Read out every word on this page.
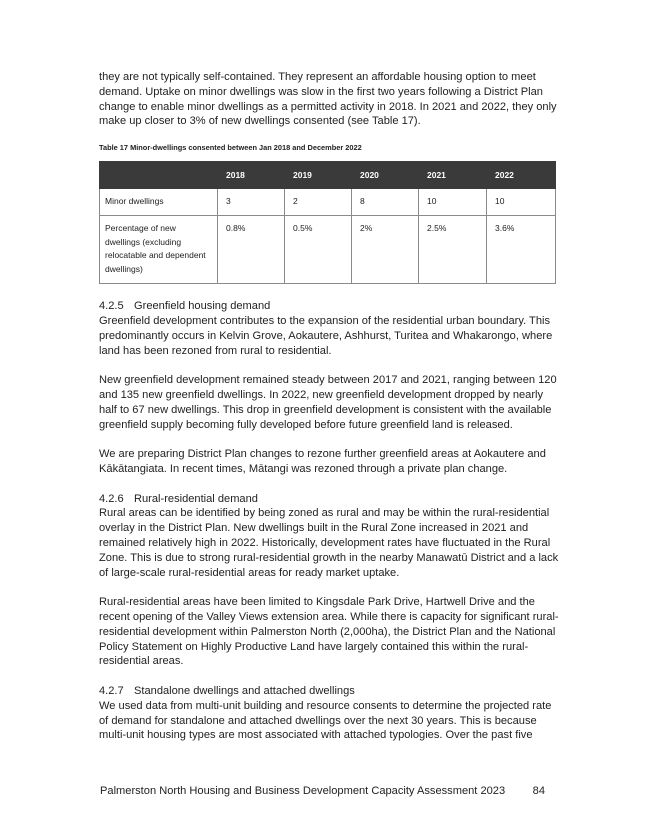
they are not typically self-contained. They represent an affordable housing option to meet demand. Uptake on minor dwellings was slow in the first two years following a District Plan change to enable minor dwellings as a permitted activity in 2018. In 2021 and 2022, they only make up closer to 3% of new dwellings consented (see Table 17).

Table 17 Minor-dwellings consented between Jan 2018 and December 2022
	2018	2019	2020	2021	2022
Minor dwellings	3	2	8	10	10
Percentage of new dwellings (excluding relocatable and dependent dwellings)	0.8%	0.5%	2%	2.5%	3.6%
4.2.5 Greenfield housing demand

Greenfield development contributes to the expansion of the residential urban boundary. This predominantly occurs in Kelvin Grove, Aokautere, Ashhurst, Turitea and Whakarongo, where land has been rezoned from rural to residential.

New greenfield development remained steady between 2017 and 2021, ranging between 120 and 135 new greenfield dwellings. In 2022, new greenfield development dropped by nearly half to 67 new dwellings. This drop in greenfield development is consistent with the available greenfield supply becoming fully developed before future greenfield land is released.

We are preparing District Plan changes to rezone further greenfield areas at Aokautere and Kākātangiata. In recent times, Mātangi was rezoned through a private plan change.

4.2.6 Rural-residential demand

Rural areas can be identified by being zoned as rural and may be within the rural-residential overlay in the District Plan. New dwellings built in the Rural Zone increased in 2021 and remained relatively high in 2022. Historically, development rates have fluctuated in the Rural Zone. This is due to strong rural-residential growth in the nearby Manawatū District and a lack of large-scale rural-residential areas for ready market uptake.

Rural-residential areas have been limited to Kingsdale Park Drive, Hartwell Drive and the recent opening of the Valley Views extension area. While there is capacity for significant rural-residential development within Palmerston North (2,000ha), the District Plan and the National Policy Statement on Highly Productive Land have largely contained this within the rural-residential areas.

4.2.7 Standalone dwellings and attached dwellings

We used data from multi-unit building and resource consents to determine the projected rate of demand for standalone and attached dwellings over the next 30 years. This is because multi-unit housing types are most associated with attached typologies. Over the past five

Palmerston North Housing and Business Development Capacity Assessment 2023 84
